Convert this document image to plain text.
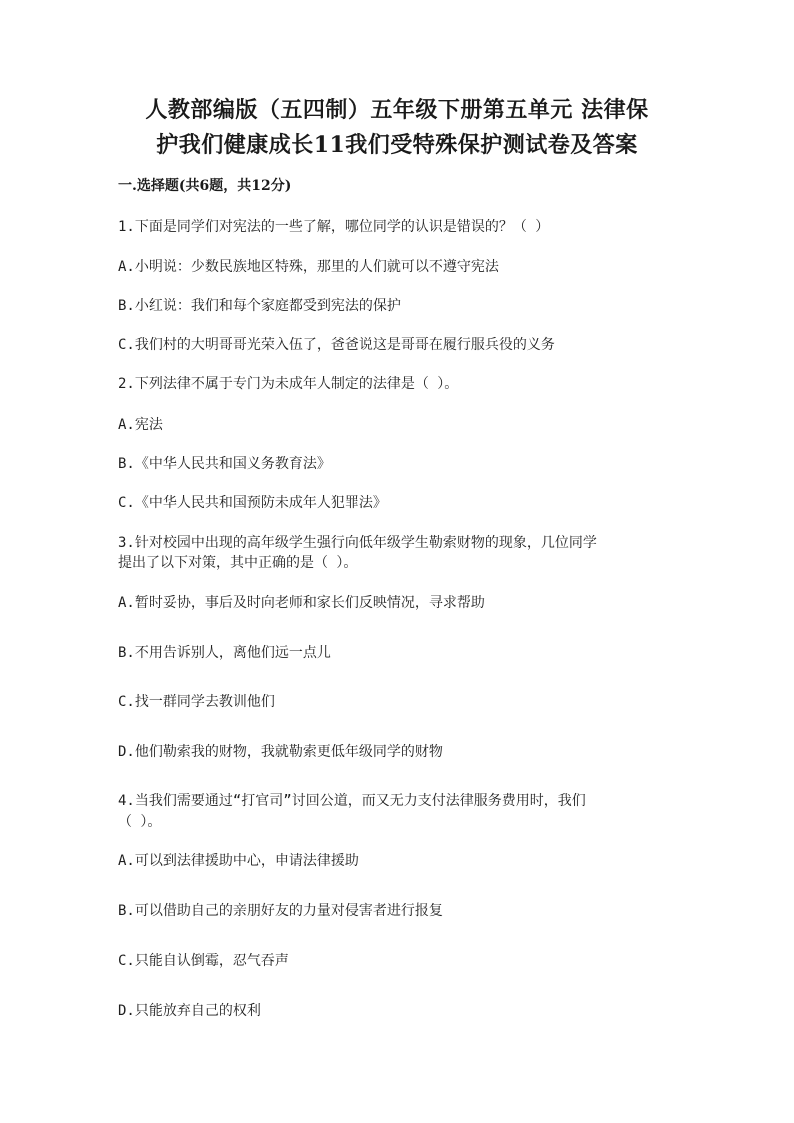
人教部编版（五四制）五年级下册第五单元 法律保
护我们健康成长11我们受特殊保护测试卷及答案
一.选择题(共6题，共12分)
1.下面是同学们对宪法的一些了解，哪位同学的认识是错误的？（ ）
A.小明说：少数民族地区特殊，那里的人们就可以不遵守宪法
B.小红说：我们和每个家庭都受到宪法的保护
C.我们村的大明哥哥光荣入伍了，爸爸说这是哥哥在履行服兵役的义务
2.下列法律不属于专门为未成年人制定的法律是（ ）。
A.宪法
B.《中华人民共和国义务教育法》
C.《中华人民共和国预防未成年人犯罪法》
3.针对校园中出现的高年级学生强行向低年级学生勒索财物的现象，几位同学
提出了以下对策，其中正确的是（ ）。
A.暂时妥协，事后及时向老师和家长们反映情况，寻求帮助
B.不用告诉别人，离他们远一点儿
C.找一群同学去教训他们
D.他们勒索我的财物，我就勒索更低年级同学的财物
4.当我们需要通过“打官司”讨回公道，而又无力支付法律服务费用时，我们
（ ）。
A.可以到法律援助中心，申请法律援助
B.可以借助自己的亲朋好友的力量对侵害者进行报复
C.只能自认倒霉，忍气吞声
D.只能放弃自己的权利
